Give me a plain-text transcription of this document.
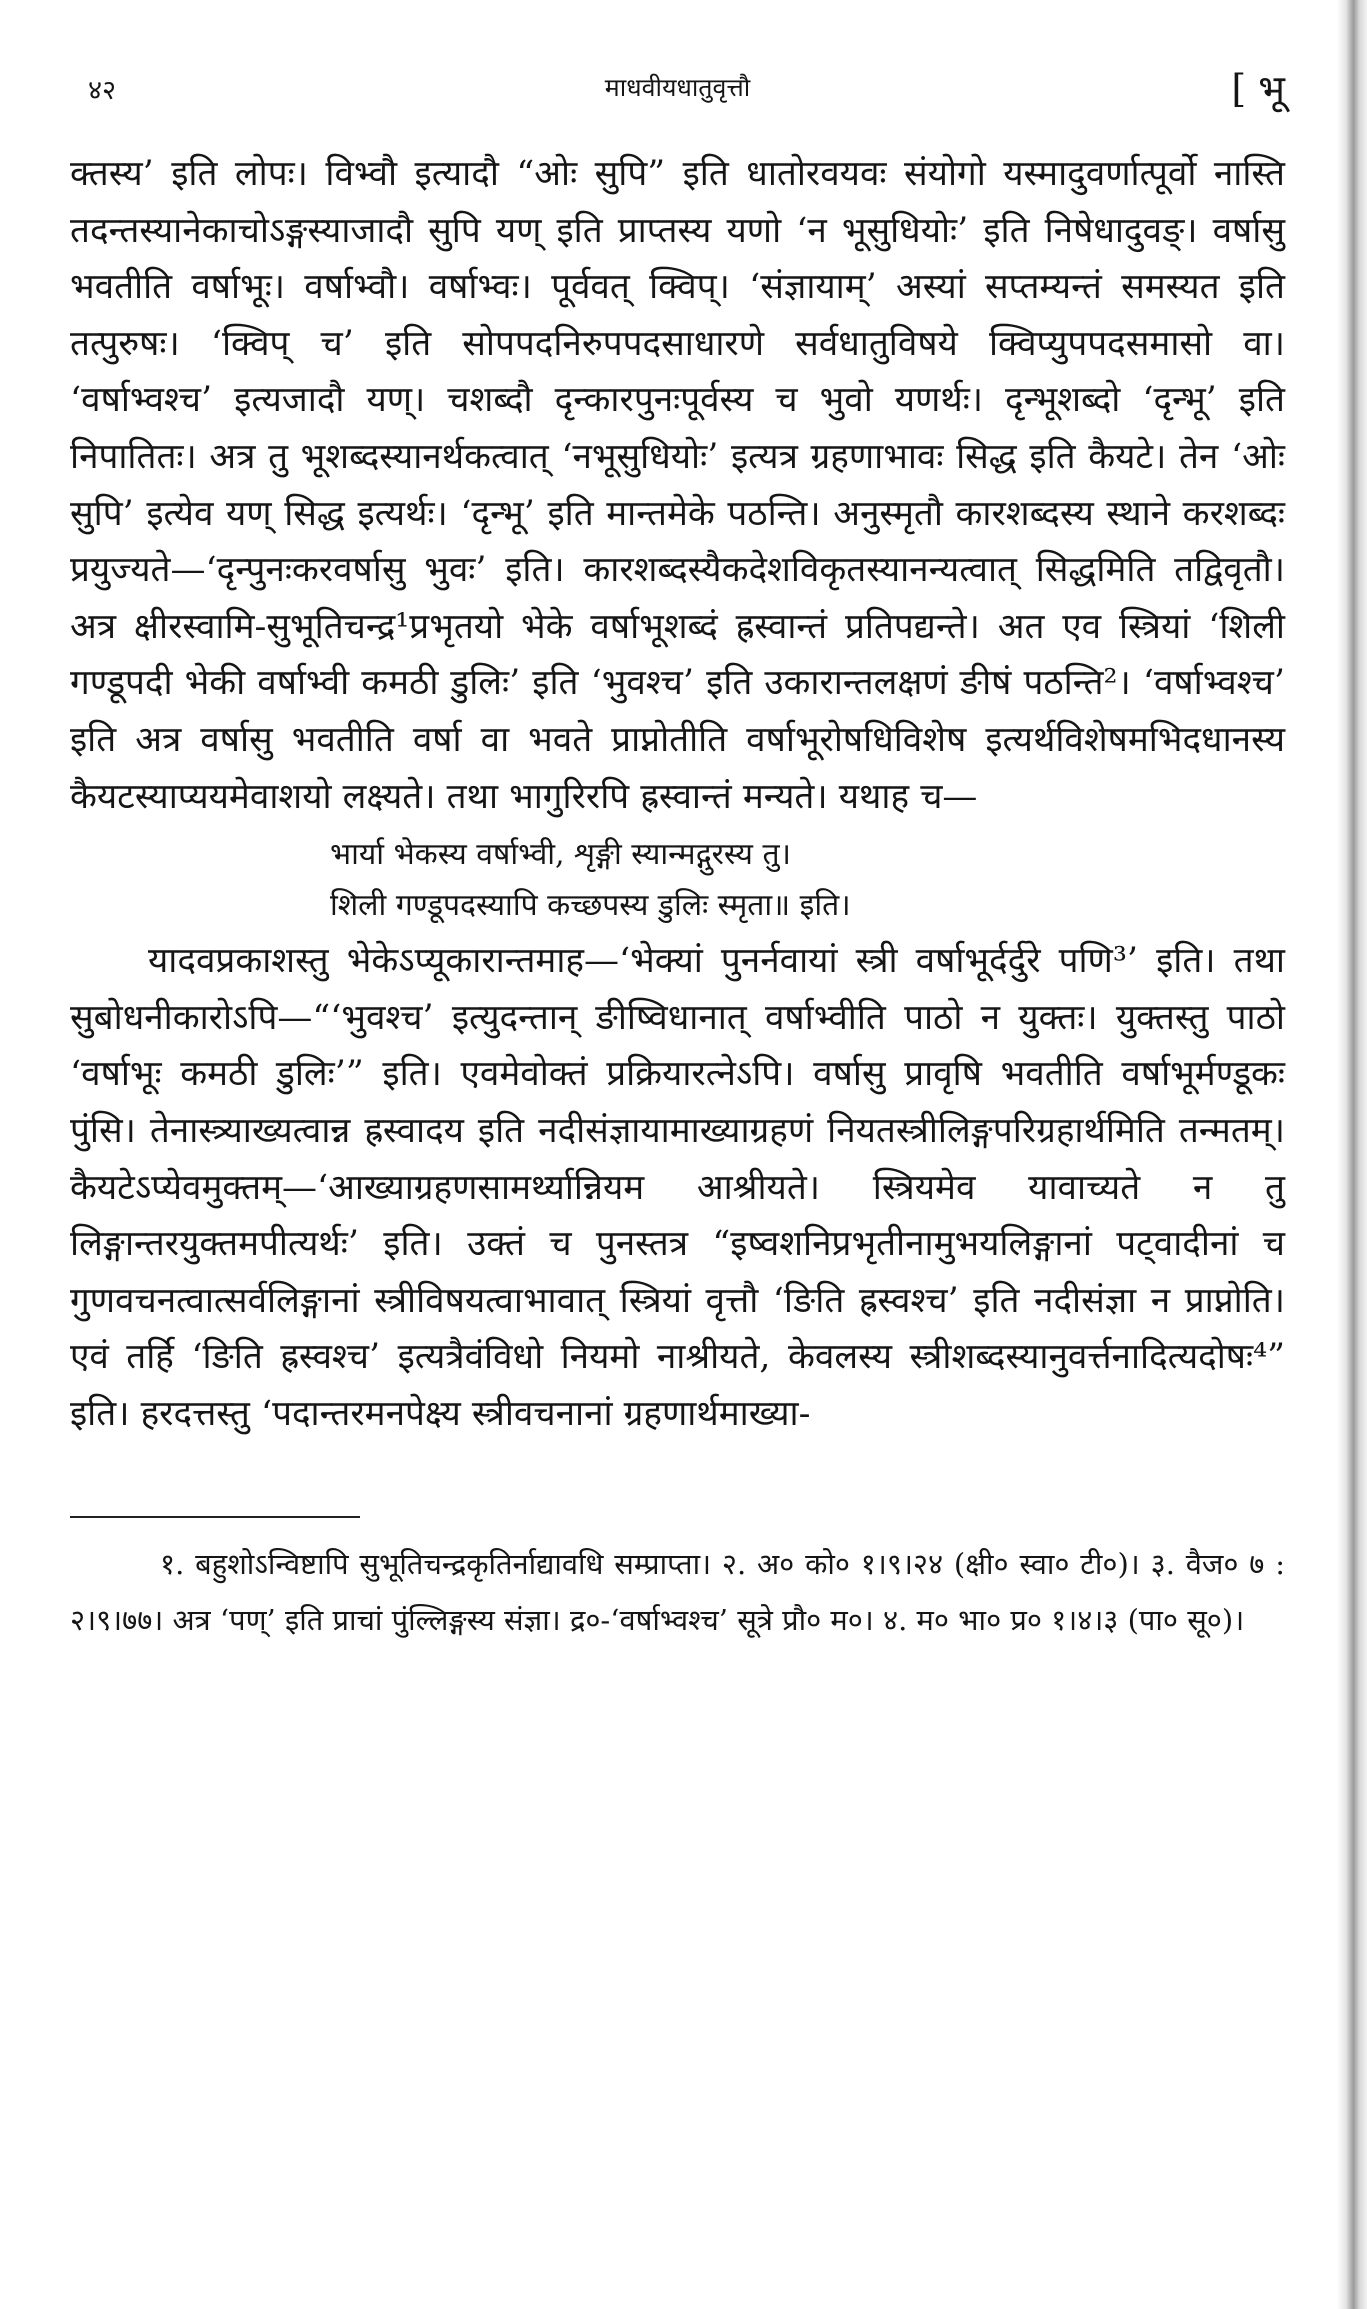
४२	माधवीयधातुवृत्तौ	[ भू

क्तस्य’ इति लोपः। विभ्वौ इत्यादौ “ओः सुपि” इति धातोरवयवः संयोगो यस्मादुवर्णात्पूर्वो नास्ति तदन्तस्यानेकाचोऽङ्गस्याजादौ सुपि यण् इति प्राप्तस्य यणो ‘न भूसुधियोः’ इति निषेधादुवङ्। वर्षासु भवतीति वर्षाभूः। वर्षाभ्वौ। वर्षाभ्वः। पूर्ववत् क्विप्। ‘संज्ञायाम्’ अस्यां सप्तम्यन्तं समस्यत इति तत्पुरुषः। ‘क्विप् च’ इति सोपपदनिरुपपदसाधारणे सर्वधातुविषये क्विप्युपपदसमासो वा। ‘वर्षाभ्वश्च’ इत्यजादौ यण्। चशब्दौ दृन्कारपुनःपूर्वस्य च भुवो यणर्थः। दृन्भूशब्दो ‘दृन्भू’ इति निपातितः। अत्र तु भूशब्दस्यानर्थकत्वात् ‘नभूसुधियोः’ इत्यत्र ग्रहणाभावः सिद्ध इति कैयटे। तेन ‘ओः सुपि’ इत्येव यण् सिद्ध इत्यर्थः। ‘दृन्भू’ इति मान्तमेके पठन्ति। अनुस्मृतौ कारशब्दस्य स्थाने करशब्दः प्रयुज्यते—‘दृन्पुनःकरवर्षासु भुवः’ इति। कारशब्दस्यैकदेशविकृतस्यानन्यत्वात् सिद्धमिति तद्विवृतौ। अत्र क्षीरस्वामि-सुभूतिचन्द्र¹प्रभृतयो भेके वर्षाभूशब्दं ह्रस्वान्तं प्रतिपद्यन्ते। अत एव स्त्रियां ‘शिली गण्डूपदी भेकी वर्षाभ्वी कमठी डुलिः’ इति ‘भुवश्च’ इति उकारान्तलक्षणं ङीषं पठन्ति²। ‘वर्षाभ्वश्च’ इति अत्र वर्षासु भवतीति वर्षा वा भवते प्राप्नोतीति वर्षाभूरोषधिविशेष इत्यर्थविशेषमभिदधानस्य कैयटस्याप्ययमेवाशयो लक्ष्यते। तथा भागुरिरपि ह्रस्वान्तं मन्यते। यथाह च—

भार्या भेकस्य वर्षाभ्वी, शृङ्गी स्यान्मद्गुरस्य तु।
शिली गण्डूपदस्यापि कच्छपस्य डुलिः स्मृता॥ इति।

यादवप्रकाशस्तु भेकेऽप्यूकारान्तमाह—‘भेक्यां पुनर्नवायां स्त्री वर्षाभूर्दर्दुरे पणि³’ इति। तथा सुबोधनीकारोऽपि—“‘भुवश्च’ इत्युदन्तान् ङीष्विधानात् वर्षाभ्वीति पाठो न युक्तः। युक्तस्तु पाठो ‘वर्षाभूः कमठी डुलिः’” इति। एवमेवोक्तं प्रक्रियारत्नेऽपि। वर्षासु प्रावृषि भवतीति वर्षाभूर्मण्डूकः पुंसि। तेनास्त्र्याख्यत्वान्न ह्रस्वादय इति नदीसंज्ञायामाख्याग्रहणं नियतस्त्रीलिङ्गपरिग्रहार्थमिति तन्मतम्। कैयटेऽप्येवमुक्तम्—‘आख्याग्रहणसामर्थ्यान्नियम आश्रीयते। स्त्रियमेव यावाच्यते न तु लिङ्गान्तरयुक्तमपीत्यर्थः’ इति। उक्तं च पुनस्तत्र “इष्वशनिप्रभृतीनामुभयलिङ्गानां पट्वादीनां च गुणवचनत्वात्सर्वलिङ्गानां स्त्रीविषयत्वाभावात् स्त्रियां वृत्तौ ‘ङिति ह्रस्वश्च’ इति नदीसंज्ञा न प्राप्नोति। एवं तर्हि ‘ङिति ह्रस्वश्च’ इत्यत्रैवंविधो नियमो नाश्रीयते, केवलस्य स्त्रीशब्दस्यानुवर्त्तनादित्यदोषः⁴” इति। हरदत्तस्तु ‘पदान्तरमनपेक्ष्य स्त्रीवचनानां ग्रहणार्थमाख्या-

१. बहुशोऽन्विष्टापि सुभूतिचन्द्रकृतिर्नाद्यावधि सम्प्राप्ता। २. अ० को० १।९।२४ (क्षी० स्वा० टी०)। ३. वैज० ७ : २।९।७७। अत्र ‘पण्’ इति प्राचां पुंल्लिङ्गस्य संज्ञा। द्र०-‘वर्षाभ्वश्च’ सूत्रे प्रौ० म०। ४. म० भा० प्र० १।४।३ (पा० सू०)।
